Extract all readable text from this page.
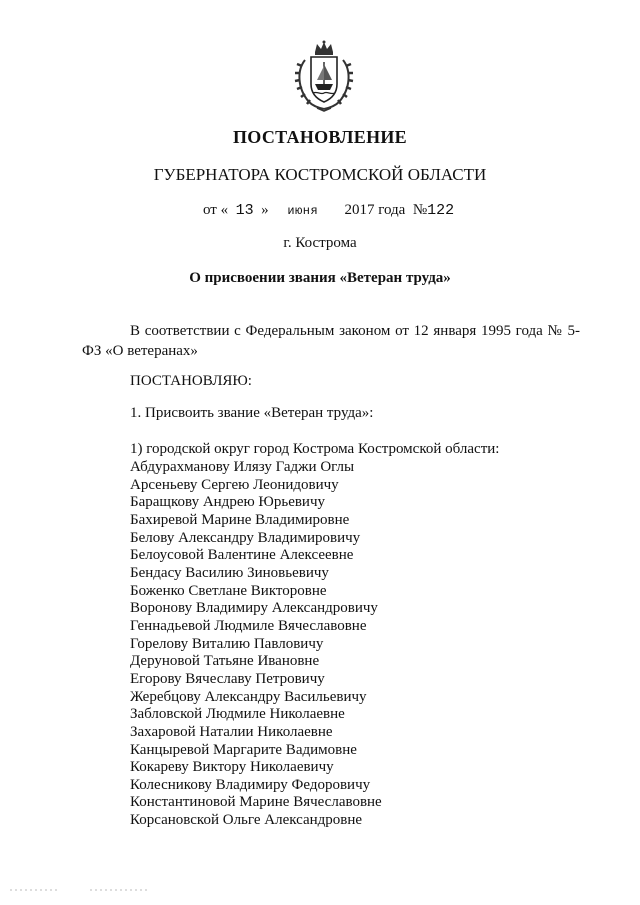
ПОСТАНОВЛЕНИЕ
ГУБЕРНАТОРА КОСТРОМСКОЙ ОБЛАСТИ
от « 13 » июня 2017 года №122
г. Кострома
О присвоении звания «Ветеран труда»
В соответствии с Федеральным законом от 12 января 1995 года № 5-ФЗ «О ветеранах»
ПОСТАНОВЛЯЮ:
1. Присвоить звание «Ветеран труда»:
1) городской округ город Кострома Костромской области:
Абдурахманову Илязу Гаджи Оглы
Арсеньеву Сергею Леонидовичу
Баращкову Андрею Юрьевичу
Бахиревой Марине Владимировне
Белову Александру Владимировичу
Белоусовой Валентине Алексеевне
Бендасу Василию Зиновьевичу
Боженко Светлане Викторовне
Воронову Владимиру Александровичу
Геннадьевой Людмиле Вячеславовне
Горелову Виталию Павловичу
Деруновой Татьяне Ивановне
Егорову Вячеславу Петровичу
Жеребцову Александру Васильевичу
Забловской Людмиле Николаевне
Захаровой Наталии Николаевне
Канцыревой Маргарите Вадимовне
Кокареву Виктору Николаевичу
Колесникову Владимиру Федоровичу
Константиновой Марине Вячеславовне
Корсановской Ольге Александровне
